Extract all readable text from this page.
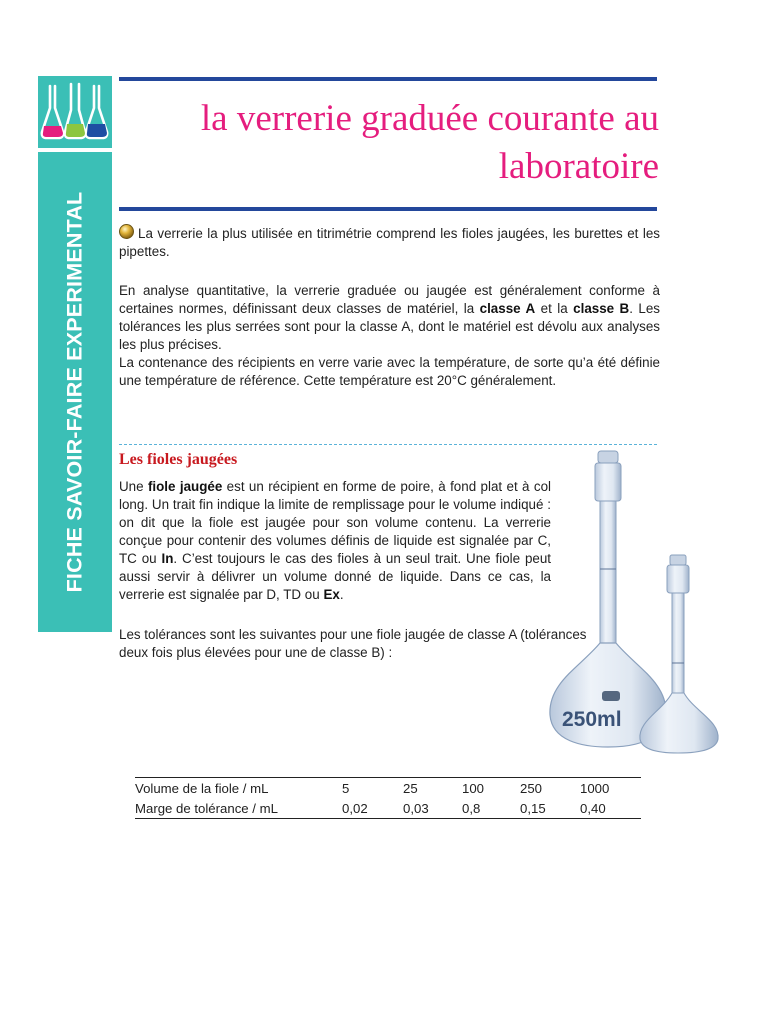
FICHE SAVOIR-FAIRE EXPERIMENTAL
la verrerie graduée courante au
laboratoire

La verrerie la plus utilisée en titrimétrie comprend les fioles jaugées, les burettes et les pipettes.

En analyse quantitative, la verrerie graduée ou jaugée est généralement conforme à certaines normes, définissant deux classes de matériel, la classe A et la classe B. Les tolérances les plus serrées sont pour la classe A, dont le matériel est dévolu aux analyses les plus précises.
La contenance des récipients en verre varie avec la température, de sorte qu’a été définie une température de référence. Cette température est 20°C généralement.

Les fioles jaugées

Une fiole jaugée est un récipient en forme de poire, à fond plat et à col long. Un trait fin indique la limite de remplissage pour le volume indiqué : on dit que la fiole est jaugée pour son volume contenu. La verrerie conçue pour contenir des volumes définis de liquide est signalée par C, TC ou In. C’est toujours le cas des fioles à un seul trait. Une fiole peut aussi servir à délivrer un volume donné de liquide. Dans ce cas, la verrerie est signalée par D, TD ou Ex.

Les tolérances sont les suivantes pour une fiole jaugée de classe A (tolérances deux fois plus élevées pour une de classe B) :

250ml
Volume de la fiole / mL	5	25	100	250	1000
Marge de tolérance / mL	0,02	0,03	0,8	0,15	0,40
